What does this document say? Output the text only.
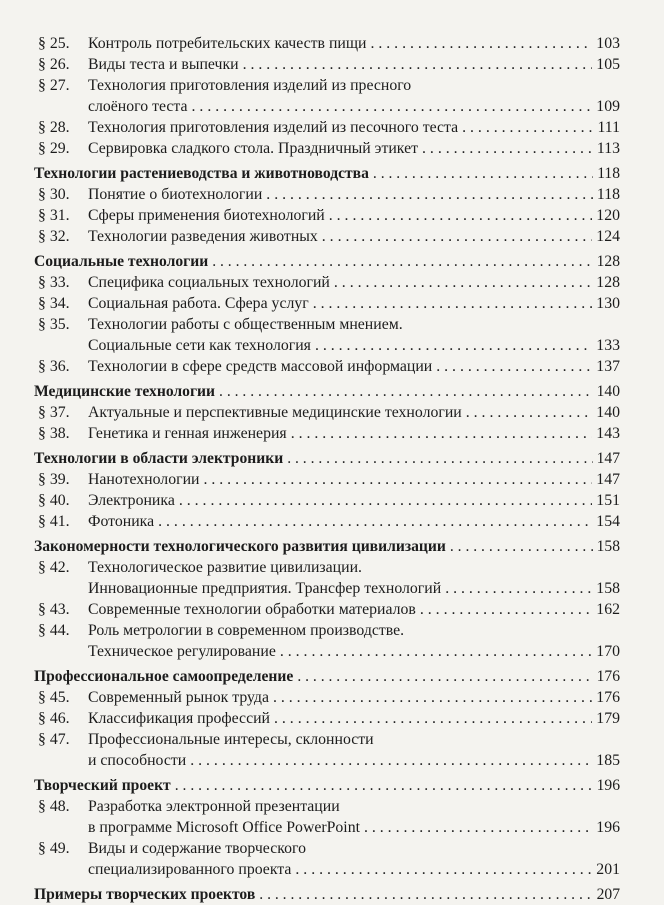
§ 25. Контроль потребительских качеств пищи . . .	103
§ 26. Виды теста и выпечки . . .	105
§ 27. Технология приготовления изделий из пресного
слоёного теста . . .	109
§ 28. Технология приготовления изделий из песочного теста . . .	111
§ 29. Сервировка сладкого стола. Праздничный этикет . . .	113
Технологии растениеводства и животноводства . . .	118
§ 30. Понятие о биотехнологии . . .	118
§ 31. Сферы применения биотехнологий . . .	120
§ 32. Технологии разведения животных . . .	124
Социальные технологии . . .	128
§ 33. Специфика социальных технологий . . .	128
§ 34. Социальная работа. Сфера услуг . . .	130
§ 35. Технологии работы с общественным мнением.
Социальные сети как технология . . .	133
§ 36. Технологии в сфере средств массовой информации . . .	137
Медицинские технологии . . .	140
§ 37. Актуальные и перспективные медицинские технологии . . .	140
§ 38. Генетика и генная инженерия . . .	143
Технологии в области электроники . . .	147
§ 39. Нанотехнологии . . .	147
§ 40. Электроника . . .	151
§ 41. Фотоника . . .	154
Закономерности технологического развития цивилизации . . .	158
§ 42. Технологическое развитие цивилизации.
Инновационные предприятия. Трансфер технологий . . .	158
§ 43. Современные технологии обработки материалов . . .	162
§ 44. Роль метрологии в современном производстве.
Техническое регулирование . . .	170
Профессиональное самоопределение . . .	176
§ 45. Современный рынок труда . . .	176
§ 46. Классификация профессий . . .	179
§ 47. Профессиональные интересы, склонности
и способности . . .	185
Творческий проект . . .	196
§ 48. Разработка электронной презентации
в программе Microsoft Office PowerPoint . . .	196
§ 49. Виды и содержание творческого
специализированного проекта . . .	201
Примеры творческих проектов . . .	207
